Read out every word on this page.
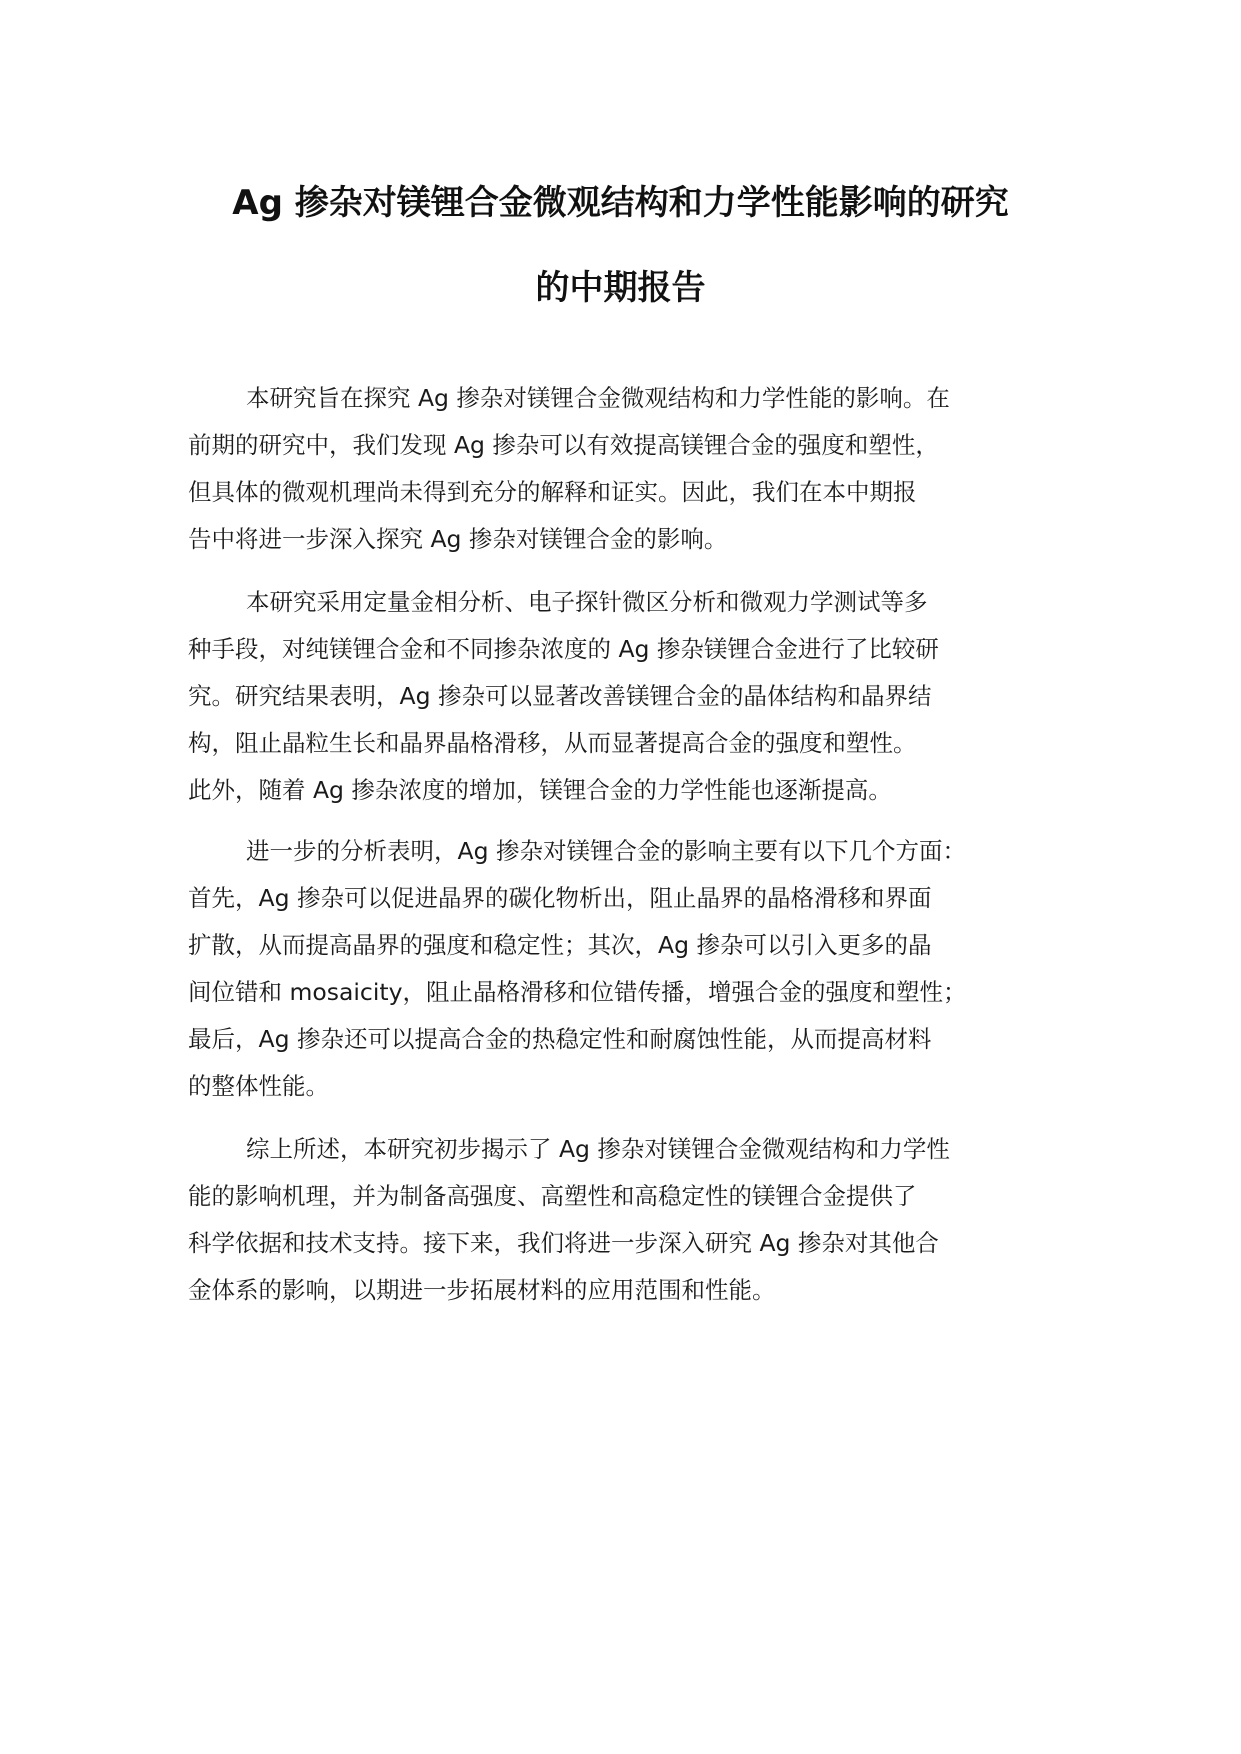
Ag 掺杂对镁锂合金微观结构和力学性能影响的研究
的中期报告
本研究旨在探究 Ag 掺杂对镁锂合金微观结构和力学性能的影响。在
前期的研究中，我们发现 Ag 掺杂可以有效提高镁锂合金的强度和塑性，
但具体的微观机理尚未得到充分的解释和证实。因此，我们在本中期报
告中将进一步深入探究 Ag 掺杂对镁锂合金的影响。
本研究采用定量金相分析、电子探针微区分析和微观力学测试等多
种手段，对纯镁锂合金和不同掺杂浓度的 Ag 掺杂镁锂合金进行了比较研
究。研究结果表明，Ag 掺杂可以显著改善镁锂合金的晶体结构和晶界结
构，阻止晶粒生长和晶界晶格滑移，从而显著提高合金的强度和塑性。
此外，随着 Ag 掺杂浓度的增加，镁锂合金的力学性能也逐渐提高。
进一步的分析表明，Ag 掺杂对镁锂合金的影响主要有以下几个方面：
首先，Ag 掺杂可以促进晶界的碳化物析出，阻止晶界的晶格滑移和界面
扩散，从而提高晶界的强度和稳定性；其次，Ag 掺杂可以引入更多的晶
间位错和 mosaicity，阻止晶格滑移和位错传播，增强合金的强度和塑性；
最后，Ag 掺杂还可以提高合金的热稳定性和耐腐蚀性能，从而提高材料
的整体性能。
综上所述，本研究初步揭示了 Ag 掺杂对镁锂合金微观结构和力学性
能的影响机理，并为制备高强度、高塑性和高稳定性的镁锂合金提供了
科学依据和技术支持。接下来，我们将进一步深入研究 Ag 掺杂对其他合
金体系的影响，以期进一步拓展材料的应用范围和性能。
